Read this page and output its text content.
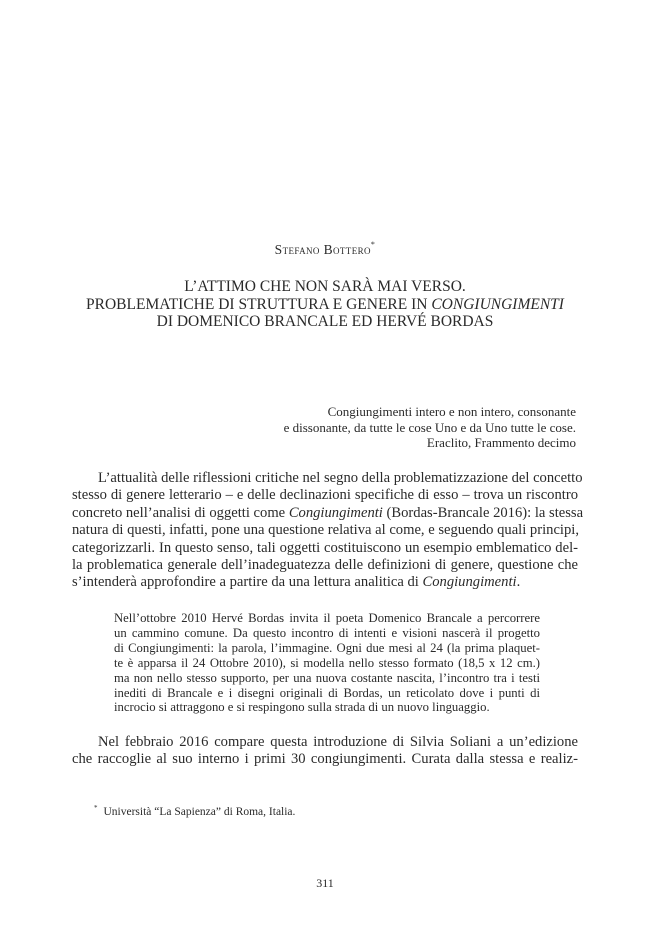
Stefano Bottero*
L’ATTIMO CHE NON SARÀ MAI VERSO.
PROBLEMATICHE DI STRUTTURA E GENERE IN CONGIUNGIMENTI
DI DOMENICO BRANCALE ED HERVÉ BORDAS
Congiungimenti intero e non intero, consonante
e dissonante, da tutte le cose Uno e da Uno tutte le cose.
Eraclito, Frammento decimo
L’attualità delle riflessioni critiche nel segno della problematizzazione del concetto
stesso di genere letterario – e delle declinazioni specifiche di esso – trova un riscontro
concreto nell’analisi di oggetti come Congiungimenti (Bordas-Brancale 2016): la stessa
natura di questi, infatti, pone una questione relativa al come, e seguendo quali principi,
categorizzarli. In questo senso, tali oggetti costituiscono un esempio emblematico del-
la problematica generale dell’inadeguatezza delle definizioni di genere, questione che
s’intenderà approfondire a partire da una lettura analitica di Congiungimenti.
Nell’ottobre 2010 Hervé Bordas invita il poeta Domenico Brancale a percorrere
un cammino comune. Da questo incontro di intenti e visioni nascerà il progetto
di Congiungimenti: la parola, l’immagine. Ogni due mesi al 24 (la prima plaquet-
te è apparsa il 24 Ottobre 2010), si modella nello stesso formato (18,5 x 12 cm.)
ma non nello stesso supporto, per una nuova costante nascita, l’incontro tra i testi
inediti di Brancale e i disegni originali di Bordas, un reticolato dove i punti di
incrocio si attraggono e si respingono sulla strada di un nuovo linguaggio.
Nel febbraio 2016 compare questa introduzione di Silvia Soliani a un’edizione
che raccoglie al suo interno i primi 30 congiungimenti. Curata dalla stessa e realiz-
* Università “La Sapienza” di Roma, Italia.
311
